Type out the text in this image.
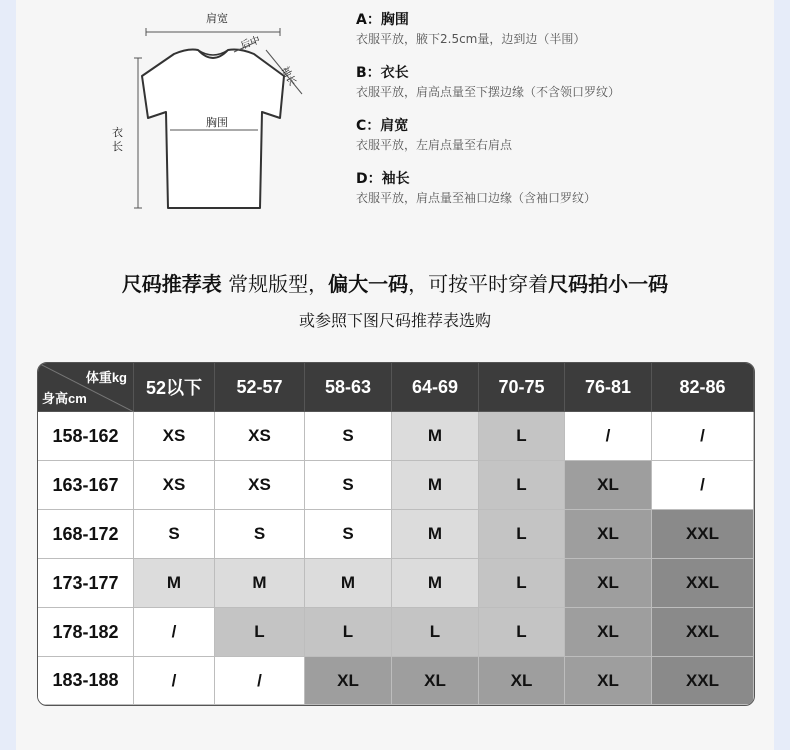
肩宽
后中
袖长
胸围
衣长
A：胸围
衣服平放，腋下2.5cm量，边到边（半围）
B：衣长
衣服平放，肩高点量至下摆边缘（不含领口罗纹）
C：肩宽
衣服平放，左肩点量至右肩点
D：袖长
衣服平放，肩点量至袖口边缘（含袖口罗纹）
尺码推荐表 常规版型，偏大一码，可按平时穿着尺码拍小一码
或参照下图尺码推荐表选购
体重kg
身高cm
52以下	52-57	58-63	64-69	70-75	76-81	82-86
158-162	XS	XS	S	M	L	/	/
163-167	XS	XS	S	M	L	XL	/
168-172	S	S	S	M	L	XL	XXL
173-177	M	M	M	M	L	XL	XXL
178-182	/	L	L	L	L	XL	XXL
183-188	/	/	XL	XL	XL	XL	XXL
